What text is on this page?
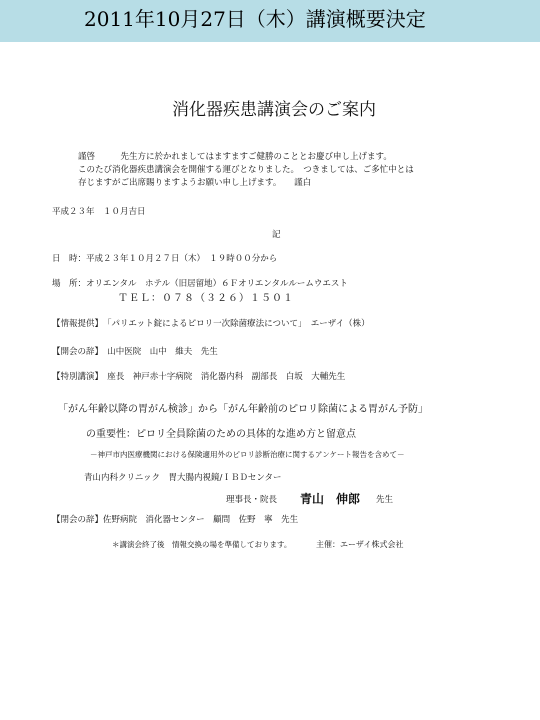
2011年10月27日（木）講演概要決定
消化器疾患講演会のご案内
謹啓　　　先生方に於かれましてはますますご健勝のこととお慶び申し上げます。
このたび消化器疾患講演会を開催する運びとなりました。　つきましては、ご多忙中とは
存じますがご出席賜りますようお願い申し上げます。　　謹白
平成２３年　１０月吉日
記
日　時：平成２３年１０月２７日（木）　１９時００分から
場　所：オリエンタル　ホテル（旧居留地）６Ｆオリエンタルルームウエスト
ＴＥＬ：０７８（３２６）１５０１
【情報提供】　「パリエット錠によるピロリ一次除菌療法について」　エーザイ（株）
【開会の辞】　山中医院　山中　維夫　先生
【特別講演】　座長　神戸赤十字病院　消化器内科　副部長　白坂　大輔先生
「がん年齢以降の胃がん検診」から「がん年齢前のピロリ除菌による胃がん予防」
の重要性：ピロリ全員除菌のための具体的な進め方と留意点
－神戸市内医療機関における保険適用外のピロリ診断治療に関するアンケート報告を含めて－
青山内科クリニック　胃大腸内視鏡/ＩＢＤセンター
理事長・院長 青山　伸郎 先生
【閉会の辞】佐野病院　消化器センター　顧問　佐野　寧　先生
＊講演会終了後　情報交換の場を準備しております。	主催：エーザイ株式会社
